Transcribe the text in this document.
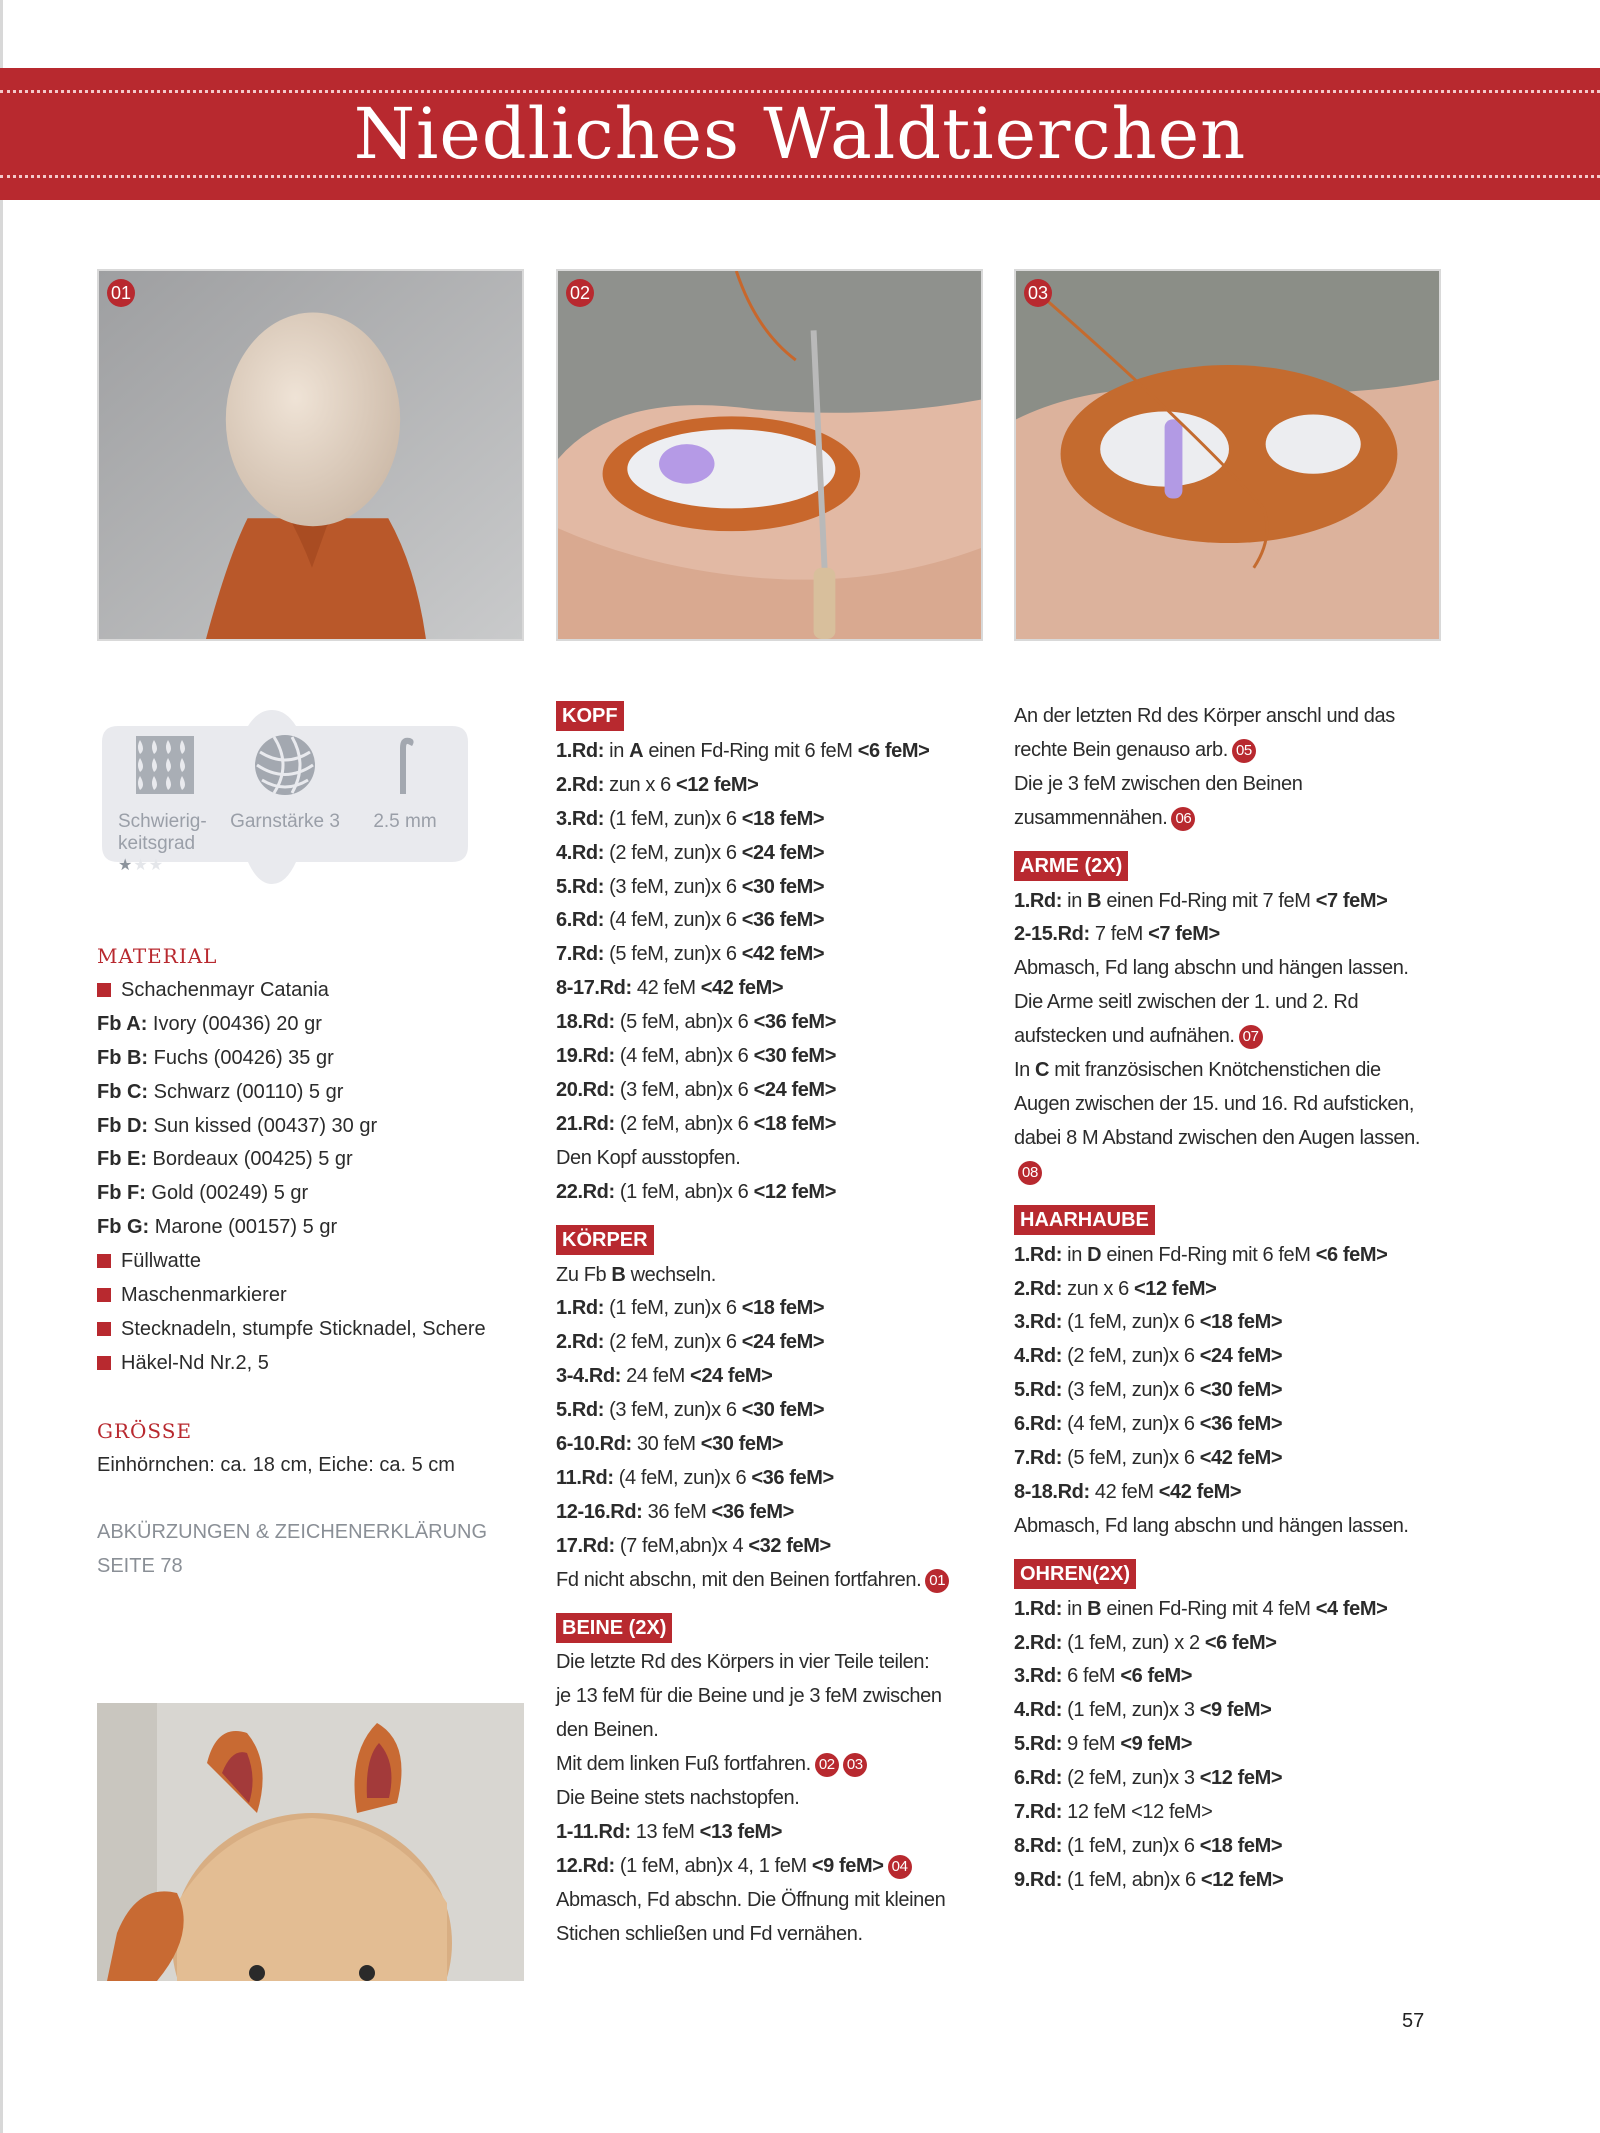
Niedliches Waldtierchen
01	02	03
Schwierig-
keitsgrad
★★★
Garnstärke 3	2.5 mm

MATERIAL

Schachenmayr Catania

Fb A: Ivory (00436) 20 gr

Fb B: Fuchs (00426) 35 gr

Fb C: Schwarz (00110) 5 gr

Fb D: Sun kissed (00437) 30 gr

Fb E: Bordeaux (00425) 5 gr

Fb F: Gold (00249) 5 gr

Fb G: Marone (00157) 5 gr

Füllwatte

Maschenmarkierer

Stecknadeln, stumpfe Sticknadel, Schere

Häkel-Nd Nr.2, 5

GRÖSSE

Einhörnchen: ca. 18 cm, Eiche: ca. 5 cm

ABKÜRZUNGEN & ZEICHENERKLÄRUNG

SEITE 78

KOPF

1.Rd: in A einen Fd-Ring mit 6 feM <6 feM>

2.Rd: zun x 6 <12 feM>

3.Rd: (1 feM, zun)x 6 <18 feM>

4.Rd: (2 feM, zun)x 6 <24 feM>

5.Rd: (3 feM, zun)x 6 <30 feM>

6.Rd: (4 feM, zun)x 6 <36 feM>

7.Rd: (5 feM, zun)x 6 <42 feM>

8-17.Rd: 42 feM <42 feM>

18.Rd: (5 feM, abn)x 6 <36 feM>

19.Rd: (4 feM, abn)x 6 <30 feM>

20.Rd: (3 feM, abn)x 6 <24 feM>

21.Rd: (2 feM, abn)x 6 <18 feM>

Den Kopf ausstopfen.

22.Rd: (1 feM, abn)x 6 <12 feM>

KÖRPER

Zu Fb B wechseln.

1.Rd: (1 feM, zun)x 6 <18 feM>

2.Rd: (2 feM, zun)x 6 <24 feM>

3-4.Rd: 24 feM <24 feM>

5.Rd: (3 feM, zun)x 6 <30 feM>

6-10.Rd: 30 feM <30 feM>

11.Rd: (4 feM, zun)x 6 <36 feM>

12-16.Rd: 36 feM <36 feM>

17.Rd: (7 feM,abn)x 4 <32 feM>

Fd nicht abschn, mit den Beinen fortfahren. 01

BEINE (2X)

Die letzte Rd des Körpers in vier Teile teilen:

je 13 feM für die Beine und je 3 feM zwischen

den Beinen.

Mit dem linken Fuß fortfahren. 02 03

Die Beine stets nachstopfen.

1-11.Rd: 13 feM <13 feM>

12.Rd: (1 feM, abn)x 4, 1 feM <9 feM> 04

Abmasch, Fd abschn. Die Öffnung mit kleinen

Stichen schließen und Fd vernähen.

An der letzten Rd des Körper anschl und das

rechte Bein genauso arb. 05

Die je 3 feM zwischen den Beinen

zusammennähen. 06

ARME (2X)

1.Rd: in B einen Fd-Ring mit 7 feM <7 feM>

2-15.Rd: 7 feM <7 feM>

Abmasch, Fd lang abschn und hängen lassen.

Die Arme seitl zwischen der 1. und 2. Rd

aufstecken und aufnähen. 07

In C mit französischen Knötchenstichen die

Augen zwischen der 15. und 16. Rd aufsticken,

dabei 8 M Abstand zwischen den Augen lassen.

08

HAARHAUBE

1.Rd: in D einen Fd-Ring mit 6 feM <6 feM>

2.Rd: zun x 6 <12 feM>

3.Rd: (1 feM, zun)x 6 <18 feM>

4.Rd: (2 feM, zun)x 6 <24 feM>

5.Rd: (3 feM, zun)x 6 <30 feM>

6.Rd: (4 feM, zun)x 6 <36 feM>

7.Rd: (5 feM, zun)x 6 <42 feM>

8-18.Rd: 42 feM <42 feM>

Abmasch, Fd lang abschn und hängen lassen.

OHREN(2X)

1.Rd: in B einen Fd-Ring mit 4 feM <4 feM>

2.Rd: (1 feM, zun) x 2 <6 feM>

3.Rd: 6 feM <6 feM>

4.Rd: (1 feM, zun)x 3 <9 feM>

5.Rd: 9 feM <9 feM>

6.Rd: (2 feM, zun)x 3 <12 feM>

7.Rd: 12 feM <12 feM>

8.Rd: (1 feM, zun)x 6 <18 feM>

9.Rd: (1 feM, abn)x 6 <12 feM>

57
